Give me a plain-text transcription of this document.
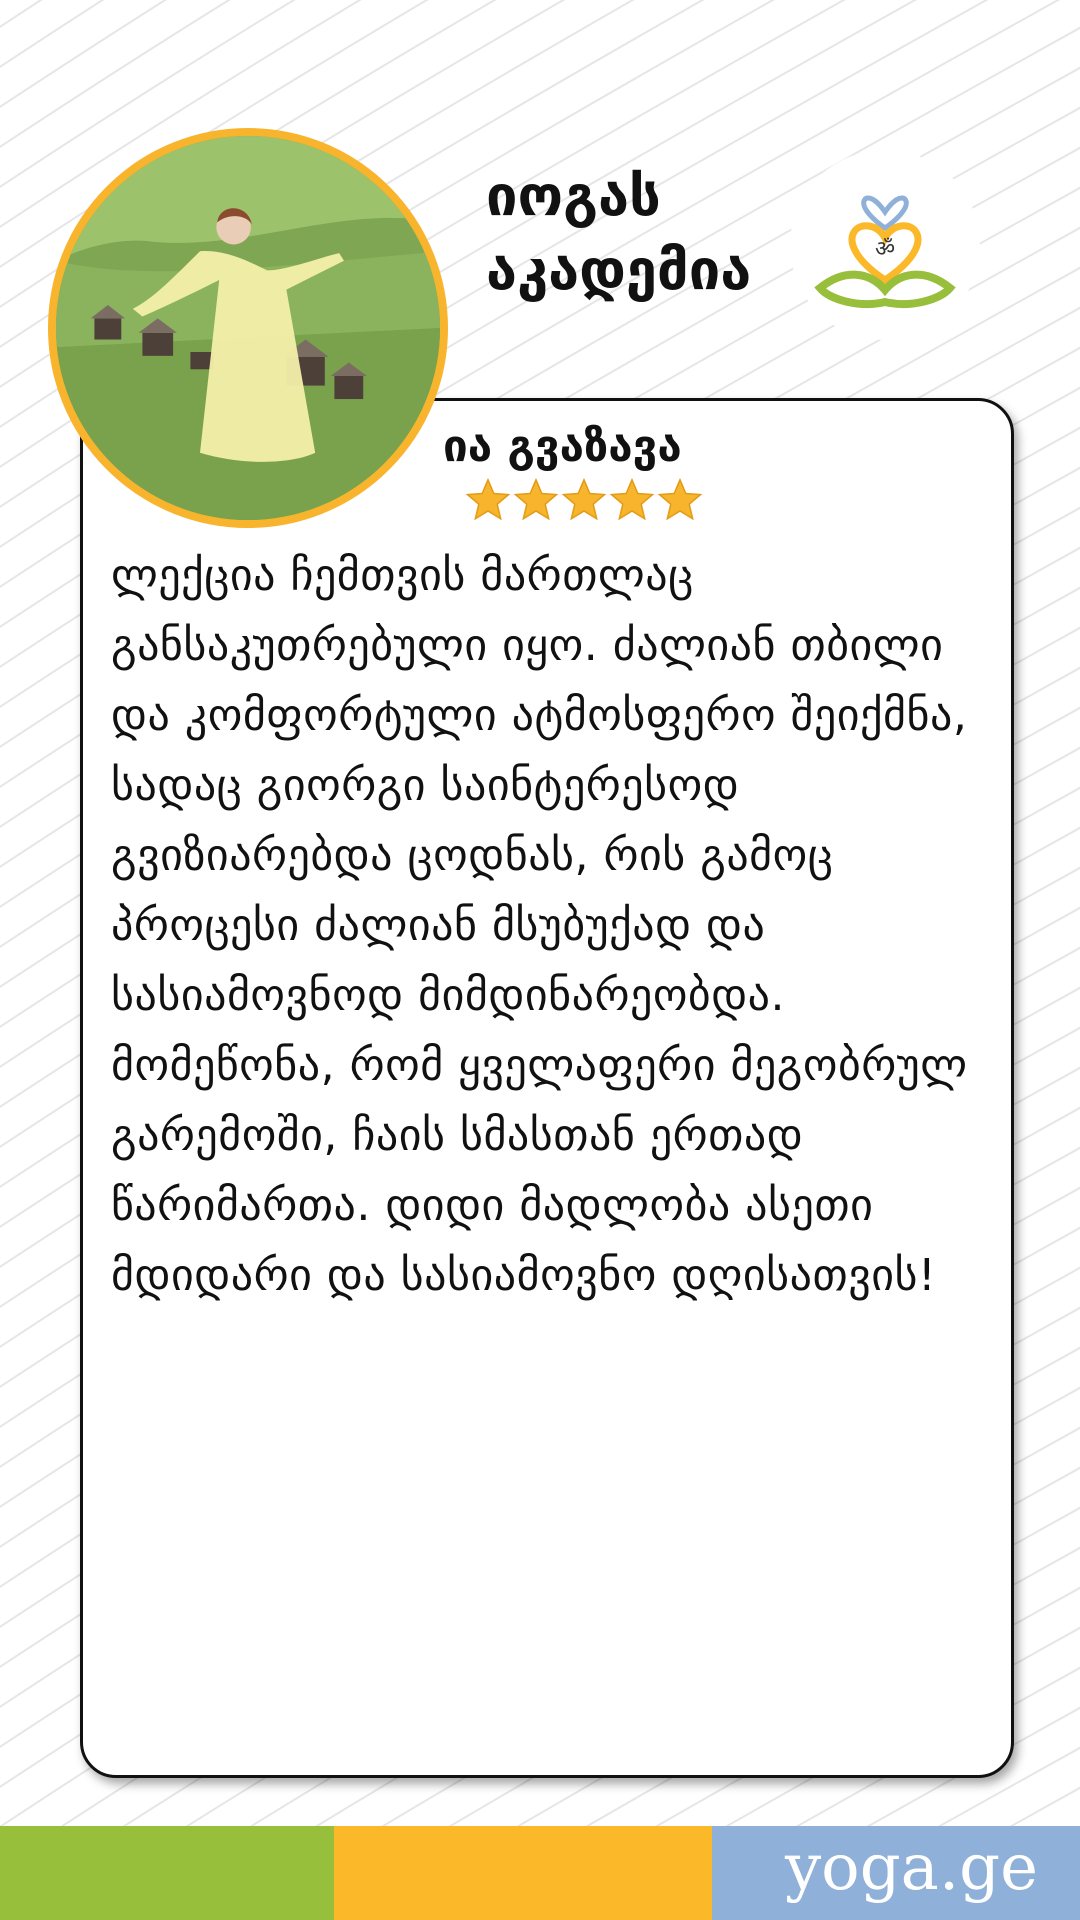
იოგას
აკადემია	ॐ
ია გვაზავა
ლექცია ჩემთვის მართლაც განსაკუთრებული იყო. ძალიან თბილი და კომფორტული ატმოსფერო შეიქმნა, სადაც გიორგი საინტერესოდ გვიზიარებდა ცოდნას, რის გამოც პროცესი ძალიან მსუბუქად და სასიამოვნოდ მიმდინარეობდა. მომეწონა, რომ ყველაფერი მეგობრულ გარემოში, ჩაის სმასთან ერთად წარიმართა. დიდი მადლობა ასეთი მდიდარი და სასიამოვნო დღისათვის!
yoga.ge
